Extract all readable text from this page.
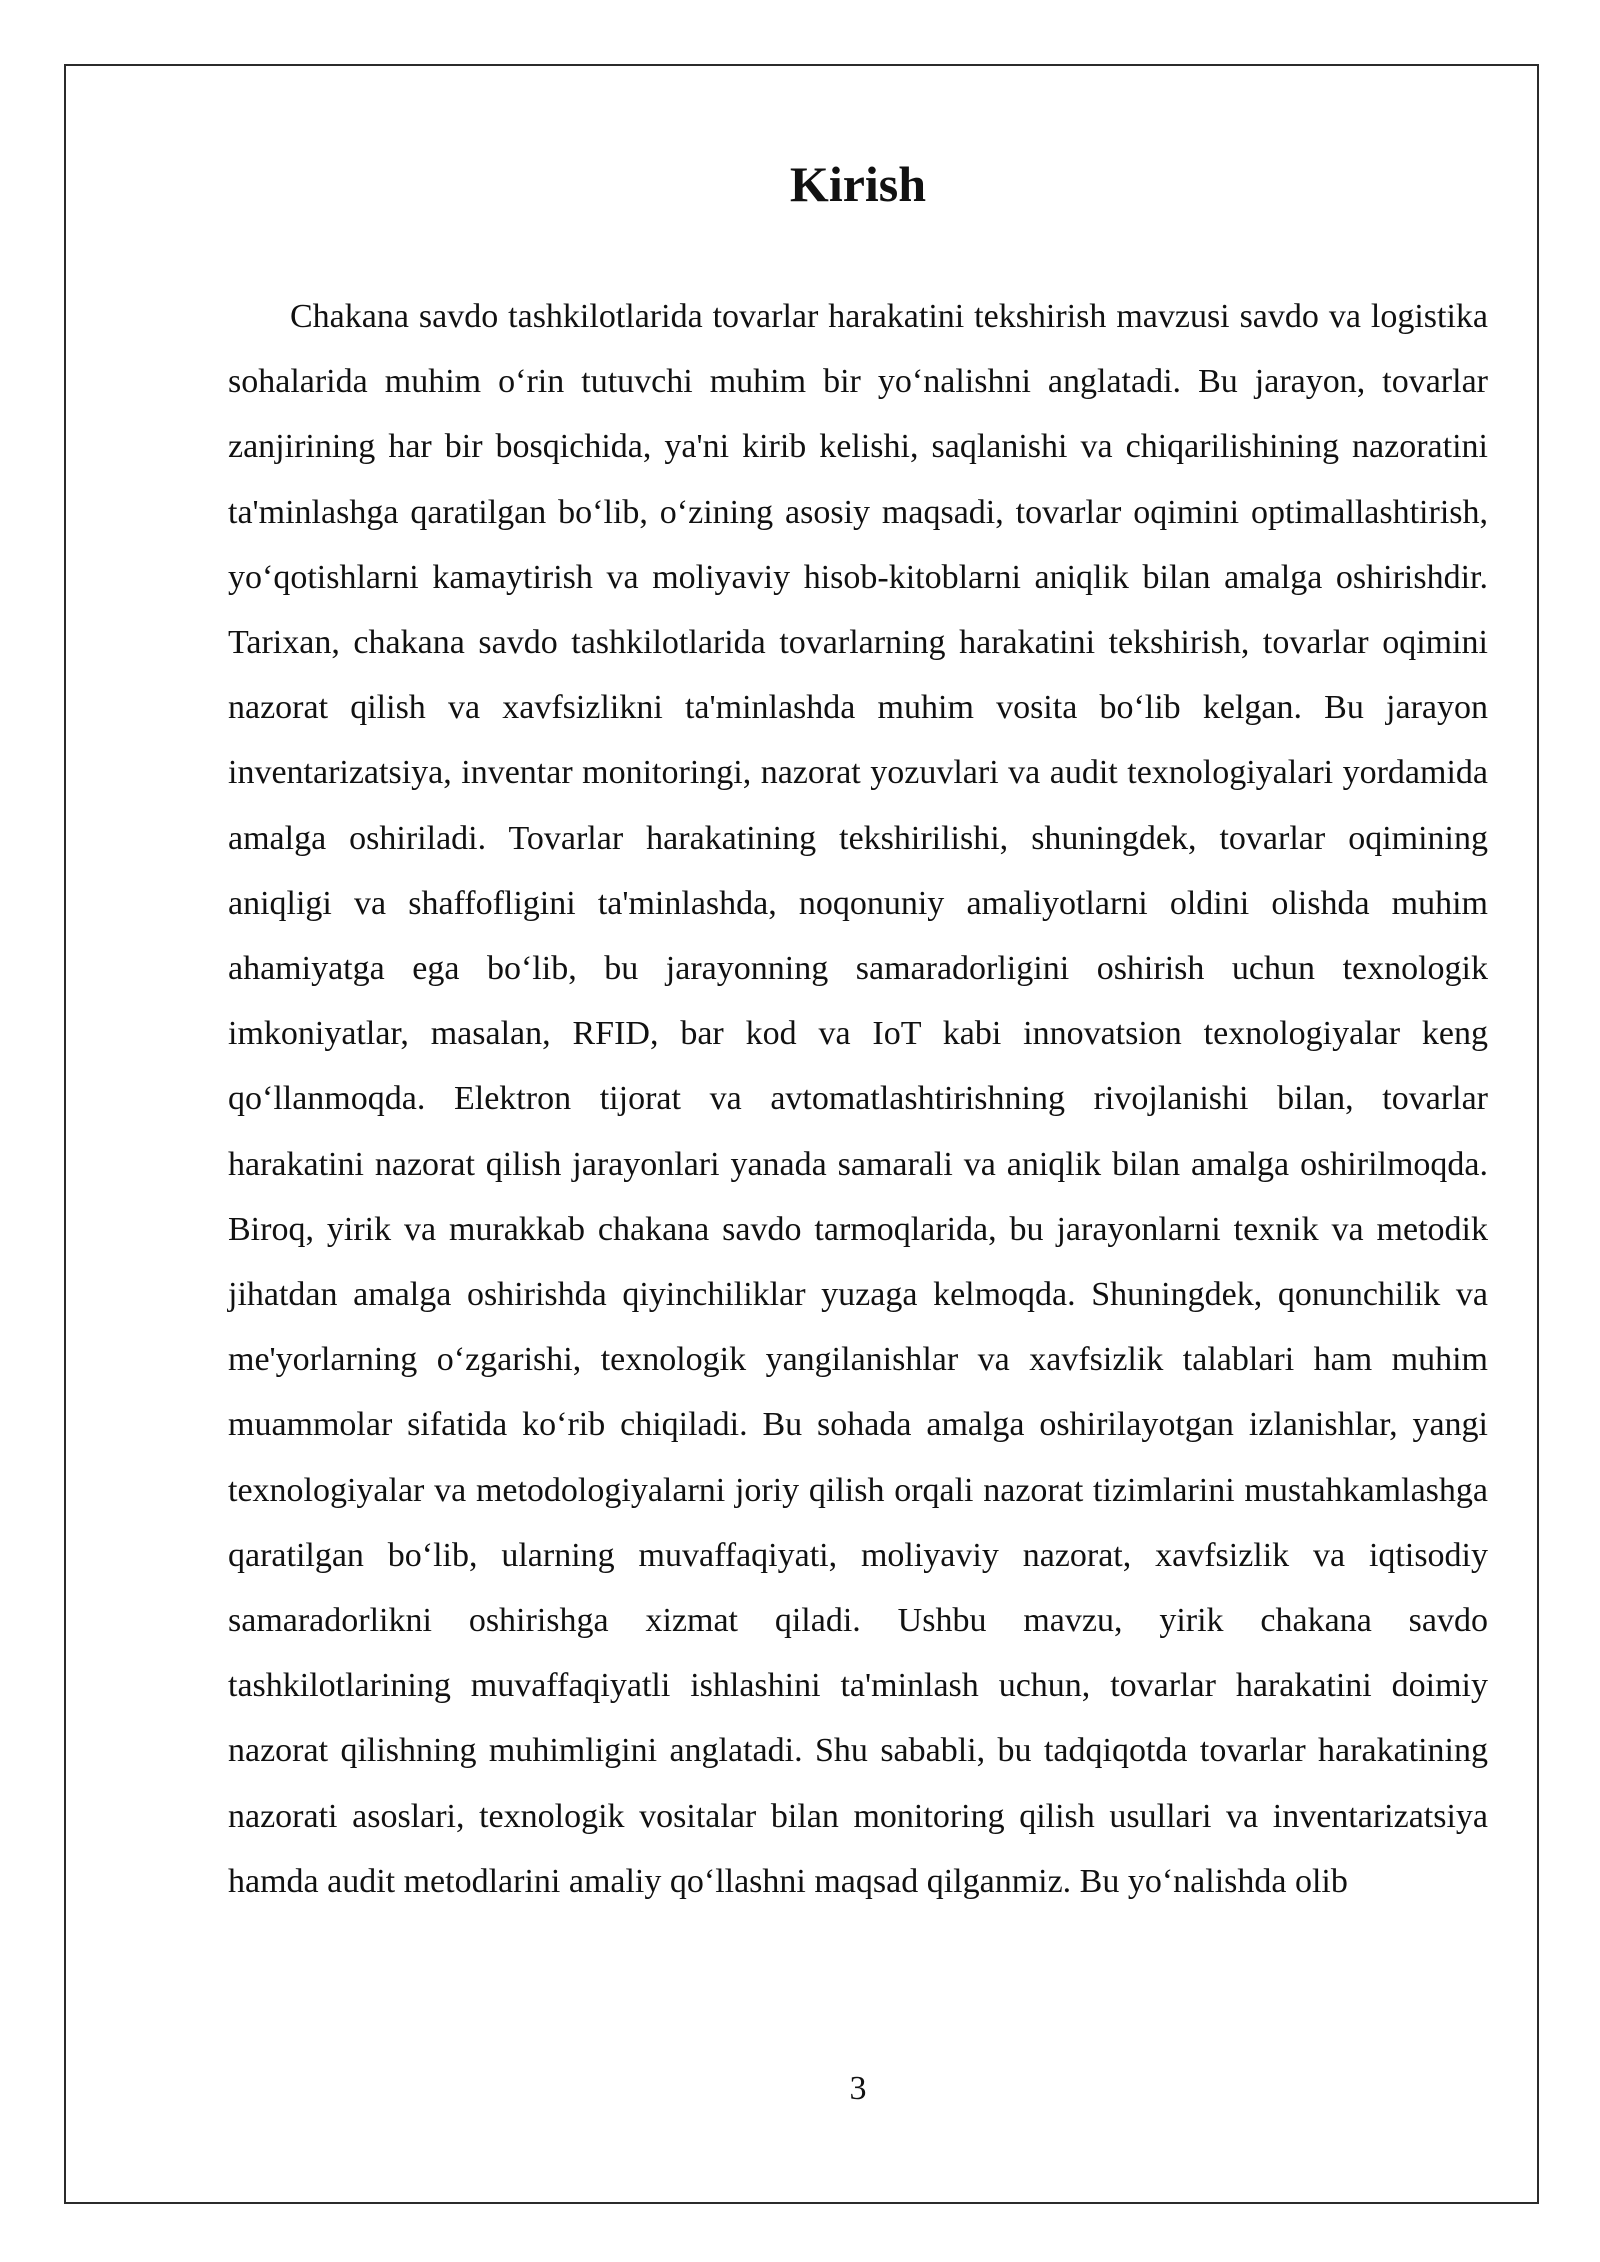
Kirish

Chakana savdo tashkilotlarida tovarlar harakatini tekshirish mavzusi savdo va logistika sohalarida muhim o‘rin tutuvchi muhim bir yo‘nalishni anglatadi. Bu jarayon, tovarlar zanjirining har bir bosqichida, ya'ni kirib kelishi, saqlanishi va chiqarilishining nazoratini ta'minlashga qaratilgan bo‘lib, o‘zining asosiy maqsadi, tovarlar oqimini optimallashtirish, yo‘qotishlarni kamaytirish va moliyaviy hisob-kitoblarni aniqlik bilan amalga oshirishdir. Tarixan, chakana savdo tashkilotlarida tovarlarning harakatini tekshirish, tovarlar oqimini nazorat qilish va xavfsizlikni ta'minlashda muhim vosita bo‘lib kelgan. Bu jarayon inventarizatsiya, inventar monitoringi, nazorat yozuvlari va audit texnologiyalari yordamida amalga oshiriladi. Tovarlar harakatining tekshirilishi, shuningdek, tovarlar oqimining aniqligi va shaffofligini ta'minlashda, noqonuniy amaliyotlarni oldini olishda muhim ahamiyatga ega bo‘lib, bu jarayonning samaradorligini oshirish uchun texnologik imkoniyatlar, masalan, RFID, bar kod va IoT kabi innovatsion texnologiyalar keng qo‘llanmoqda. Elektron tijorat va avtomatlashtirishning rivojlanishi bilan, tovarlar harakatini nazorat qilish jarayonlari yanada samarali va aniqlik bilan amalga oshirilmoqda. Biroq, yirik va murakkab chakana savdo tarmoqlarida, bu jarayonlarni texnik va metodik jihatdan amalga oshirishda qiyinchiliklar yuzaga kelmoqda. Shuningdek, qonunchilik va me'yorlarning o‘zgarishi, texnologik yangilanishlar va xavfsizlik talablari ham muhim muammolar sifatida ko‘rib chiqiladi. Bu sohada amalga oshirilayotgan izlanishlar, yangi texnologiyalar va metodologiyalarni joriy qilish orqali nazorat tizimlarini mustahkamlashga qaratilgan bo‘lib, ularning muvaffaqiyati, moliyaviy nazorat, xavfsizlik va iqtisodiy samaradorlikni oshirishga xizmat qiladi. Ushbu mavzu, yirik chakana savdo tashkilotlarining muvaffaqiyatli ishlashini ta'minlash uchun, tovarlar harakatini doimiy nazorat qilishning muhimligini anglatadi. Shu sababli, bu tadqiqotda tovarlar harakatining nazorati asoslari, texnologik vositalar bilan monitoring qilish usullari va inventarizatsiya hamda audit metodlarini amaliy qo‘llashni maqsad qilganmiz. Bu yo‘nalishda olib

3
